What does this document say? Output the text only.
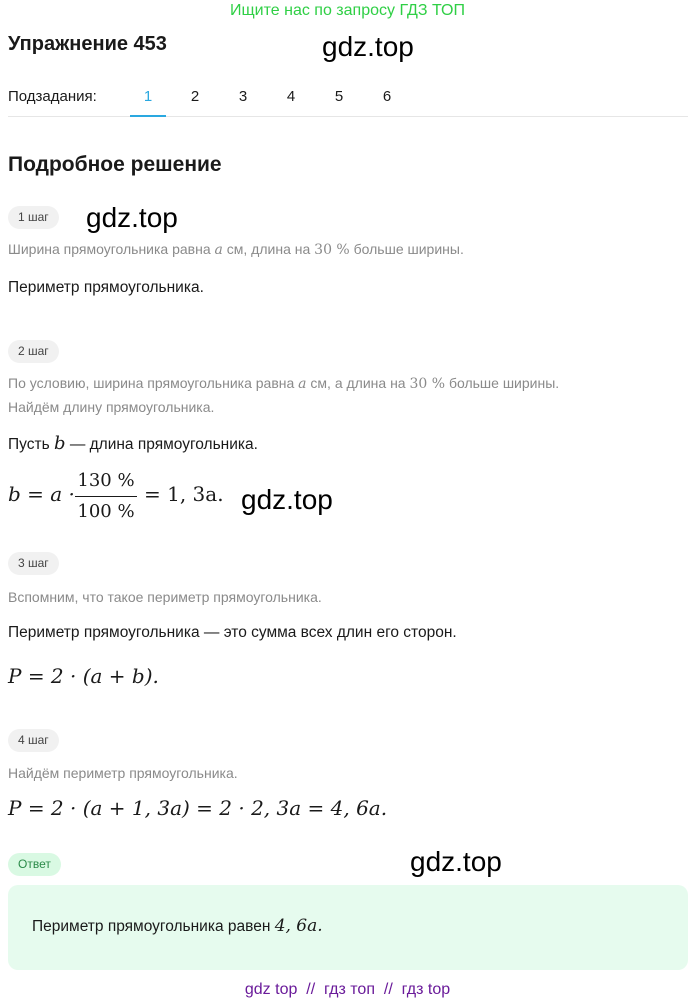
Ищите нас по запросу ГДЗ ТОП
Упражнение 453	gdz.top
Подзадания:	1	2	3	4	5	6
Подробное решение
1 шаг	gdz.top
Ширина прямоугольника равна a см, длина на 30 % больше ширины.
Периметр прямоугольника.
2 шаг
По условию, ширина прямоугольника равна a см, а длина на 30 % больше ширины.
Найдём длину прямоугольника.
Пусть b — длина прямоугольника.
b = a ·
130 %
100 %
= 1, 3a. gdz.top
3 шаг
Вспомним, что такое периметр прямоугольника.
Периметр прямоугольника — это сумма всех длин его сторон.
P = 2 · (a + b).
4 шаг
Найдём периметр прямоугольника.
P = 2 · (a + 1, 3a) = 2 · 2, 3a = 4, 6a.
Ответ	gdz.top
Периметр прямоугольника равен 4, 6a.
gdz top  //  гдз топ  //  гдз top
